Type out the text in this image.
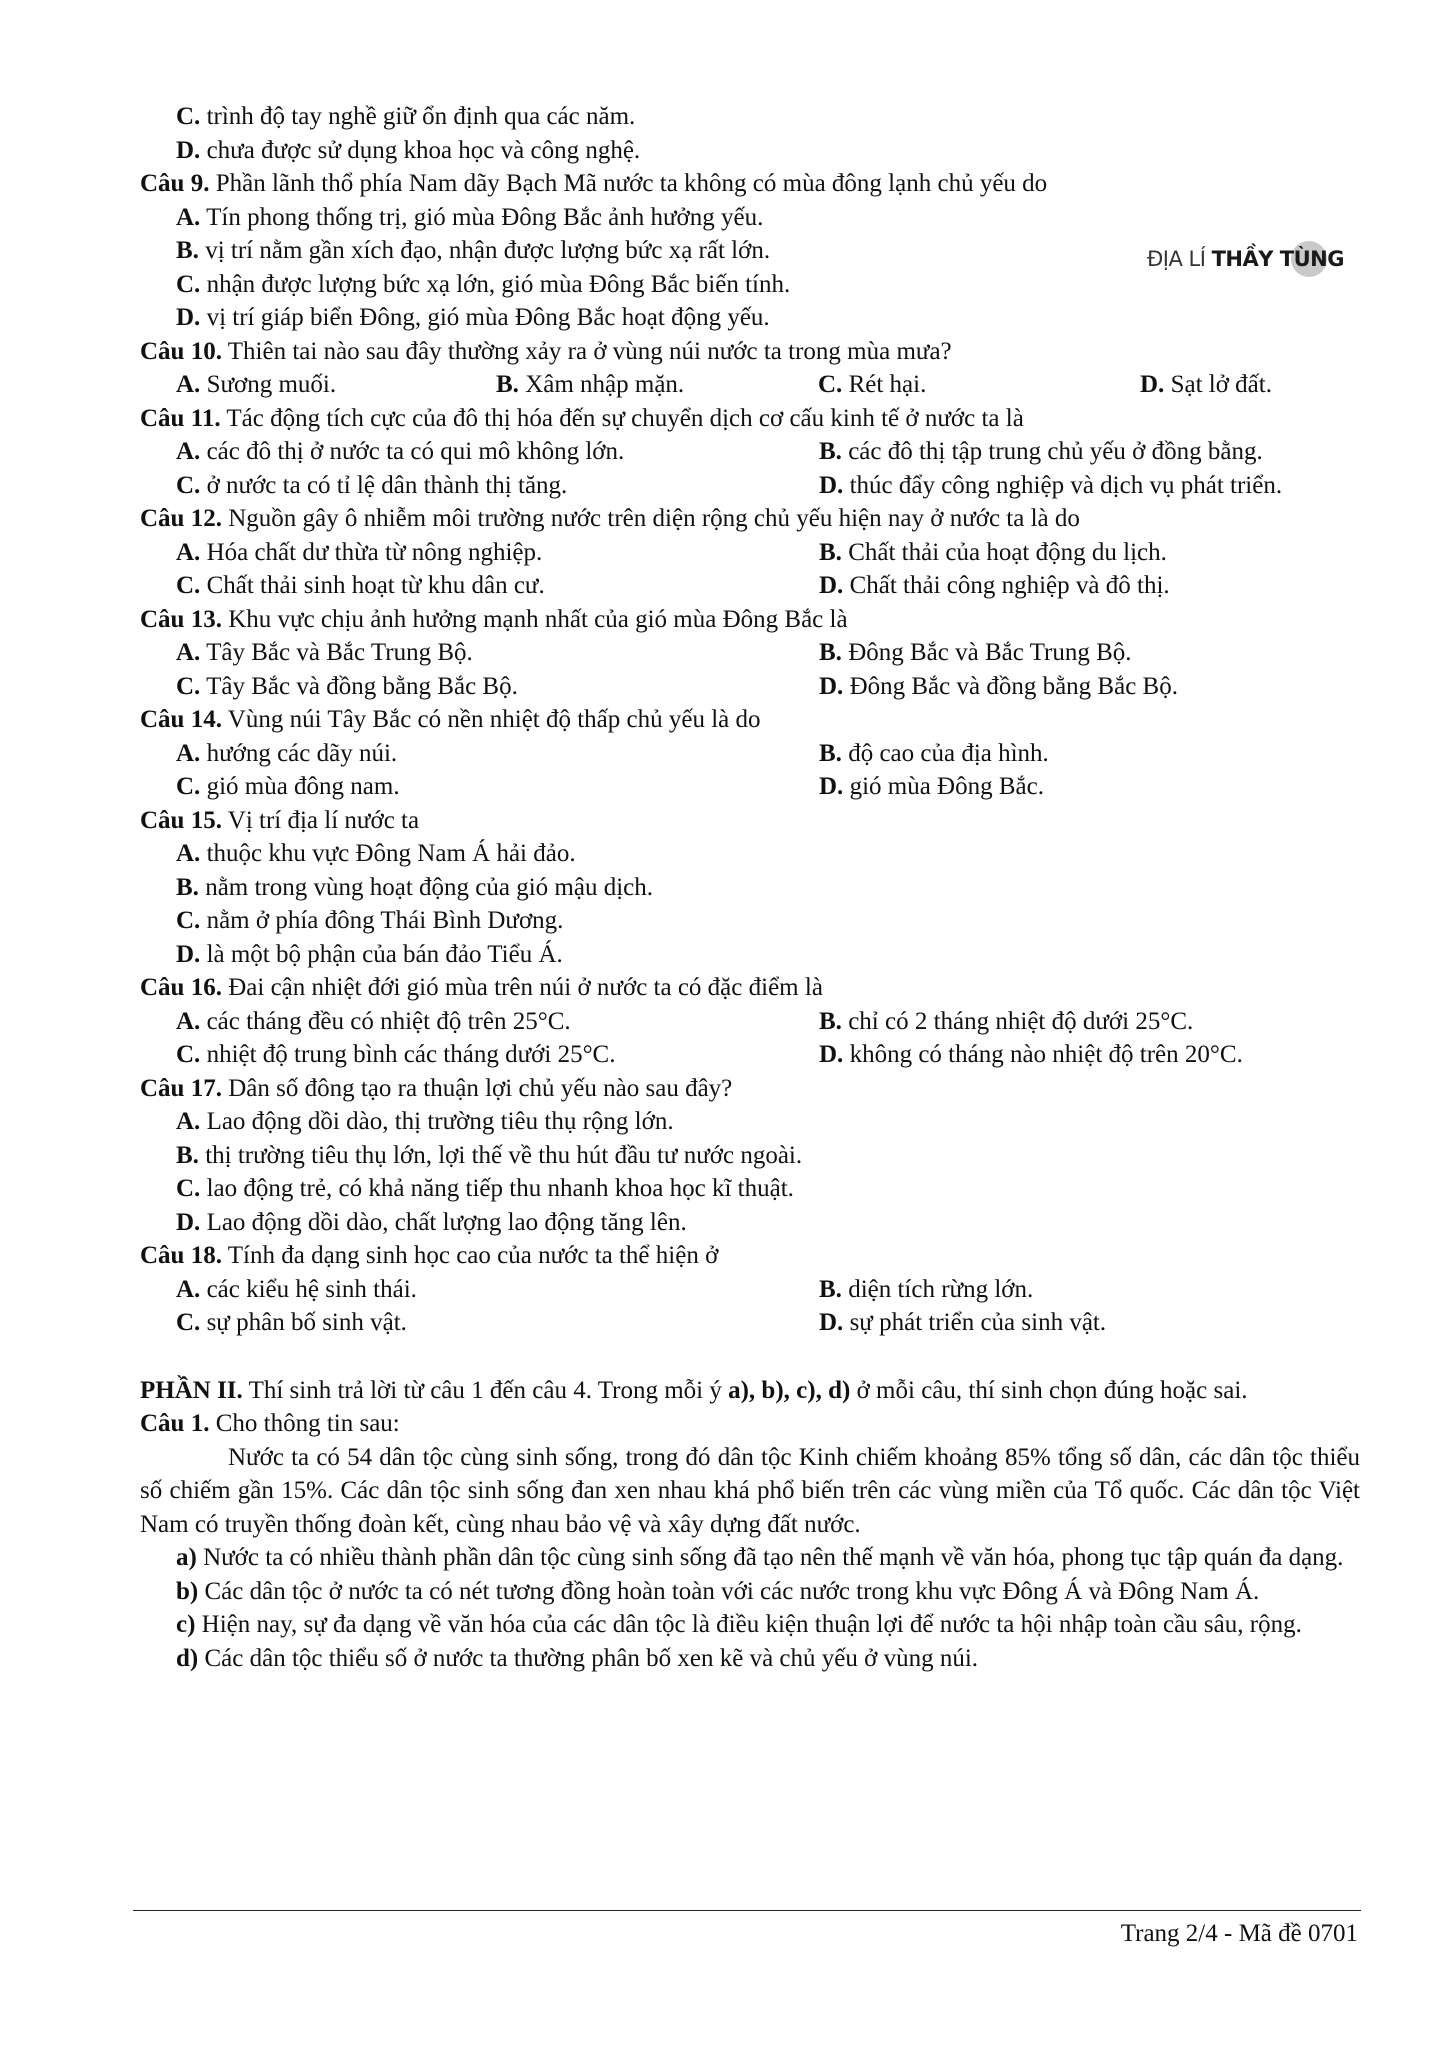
ĐỊA LÍ THẦY TÙNG
C. trình độ tay nghề giữ ổn định qua các năm.
D. chưa được sử dụng khoa học và công nghệ.
Câu 9. Phần lãnh thổ phía Nam dãy Bạch Mã nước ta không có mùa đông lạnh chủ yếu do
A. Tín phong thống trị, gió mùa Đông Bắc ảnh hưởng yếu.
B. vị trí nằm gần xích đạo, nhận được lượng bức xạ rất lớn.
C. nhận được lượng bức xạ lớn, gió mùa Đông Bắc biến tính.
D. vị trí giáp biển Đông, gió mùa Đông Bắc hoạt động yếu.
Câu 10. Thiên tai nào sau đây thường xảy ra ở vùng núi nước ta trong mùa mưa?
A. Sương muối.	B. Xâm nhập mặn.	C. Rét hại.	D. Sạt lở đất.
Câu 11. Tác động tích cực của đô thị hóa đến sự chuyển dịch cơ cấu kinh tế ở nước ta là
A. các đô thị ở nước ta có qui mô không lớn.	B. các đô thị tập trung chủ yếu ở đồng bằng.
C. ở nước ta có tỉ lệ dân thành thị tăng.	D. thúc đẩy công nghiệp và dịch vụ phát triển.
Câu 12. Nguồn gây ô nhiễm môi trường nước trên diện rộng chủ yếu hiện nay ở nước ta là do
A. Hóa chất dư thừa từ nông nghiệp.	B. Chất thải của hoạt động du lịch.
C. Chất thải sinh hoạt từ khu dân cư.	D. Chất thải công nghiệp và đô thị.
Câu 13. Khu vực chịu ảnh hưởng mạnh nhất của gió mùa Đông Bắc là
A. Tây Bắc và Bắc Trung Bộ.	B. Đông Bắc và Bắc Trung Bộ.
C. Tây Bắc và đồng bằng Bắc Bộ.	D. Đông Bắc và đồng bằng Bắc Bộ.
Câu 14. Vùng núi Tây Bắc có nền nhiệt độ thấp chủ yếu là do
A. hướng các dãy núi.	B. độ cao của địa hình.
C. gió mùa đông nam.	D. gió mùa Đông Bắc.
Câu 15. Vị trí địa lí nước ta
A. thuộc khu vực Đông Nam Á hải đảo.
B. nằm trong vùng hoạt động của gió mậu dịch.
C. nằm ở phía đông Thái Bình Dương.
D. là một bộ phận của bán đảo Tiểu Á.
Câu 16. Đai cận nhiệt đới gió mùa trên núi ở nước ta có đặc điểm là
A. các tháng đều có nhiệt độ trên 25°C.	B. chỉ có 2 tháng nhiệt độ dưới 25°C.
C. nhiệt độ trung bình các tháng dưới 25°C.	D. không có tháng nào nhiệt độ trên 20°C.
Câu 17. Dân số đông tạo ra thuận lợi chủ yếu nào sau đây?
A. Lao động dồi dào, thị trường tiêu thụ rộng lớn.
B. thị trường tiêu thụ lớn, lợi thế về thu hút đầu tư nước ngoài.
C. lao động trẻ, có khả năng tiếp thu nhanh khoa học kĩ thuật.
D. Lao động dồi dào, chất lượng lao động tăng lên.
Câu 18. Tính đa dạng sinh học cao của nước ta thể hiện ở
A. các kiểu hệ sinh thái.	B. diện tích rừng lớn.
C. sự phân bố sinh vật.	D. sự phát triển của sinh vật.
PHẦN II. Thí sinh trả lời từ câu 1 đến câu 4. Trong mỗi ý a), b), c), d) ở mỗi câu, thí sinh chọn đúng hoặc sai.
Câu 1. Cho thông tin sau:
Nước ta có 54 dân tộc cùng sinh sống, trong đó dân tộc Kinh chiếm khoảng 85% tổng số dân, các dân tộc thiểu số chiếm gần 15%. Các dân tộc sinh sống đan xen nhau khá phổ biến trên các vùng miền của Tổ quốc. Các dân tộc Việt Nam có truyền thống đoàn kết, cùng nhau bảo vệ và xây dựng đất nước.
a) Nước ta có nhiều thành phần dân tộc cùng sinh sống đã tạo nên thế mạnh về văn hóa, phong tục tập quán đa dạng.
b) Các dân tộc ở nước ta có nét tương đồng hoàn toàn với các nước trong khu vực Đông Á và Đông Nam Á.
c) Hiện nay, sự đa dạng về văn hóa của các dân tộc là điều kiện thuận lợi để nước ta hội nhập toàn cầu sâu, rộng.
d) Các dân tộc thiểu số ở nước ta thường phân bố xen kẽ và chủ yếu ở vùng núi.
Trang 2/4 - Mã đề 0701
